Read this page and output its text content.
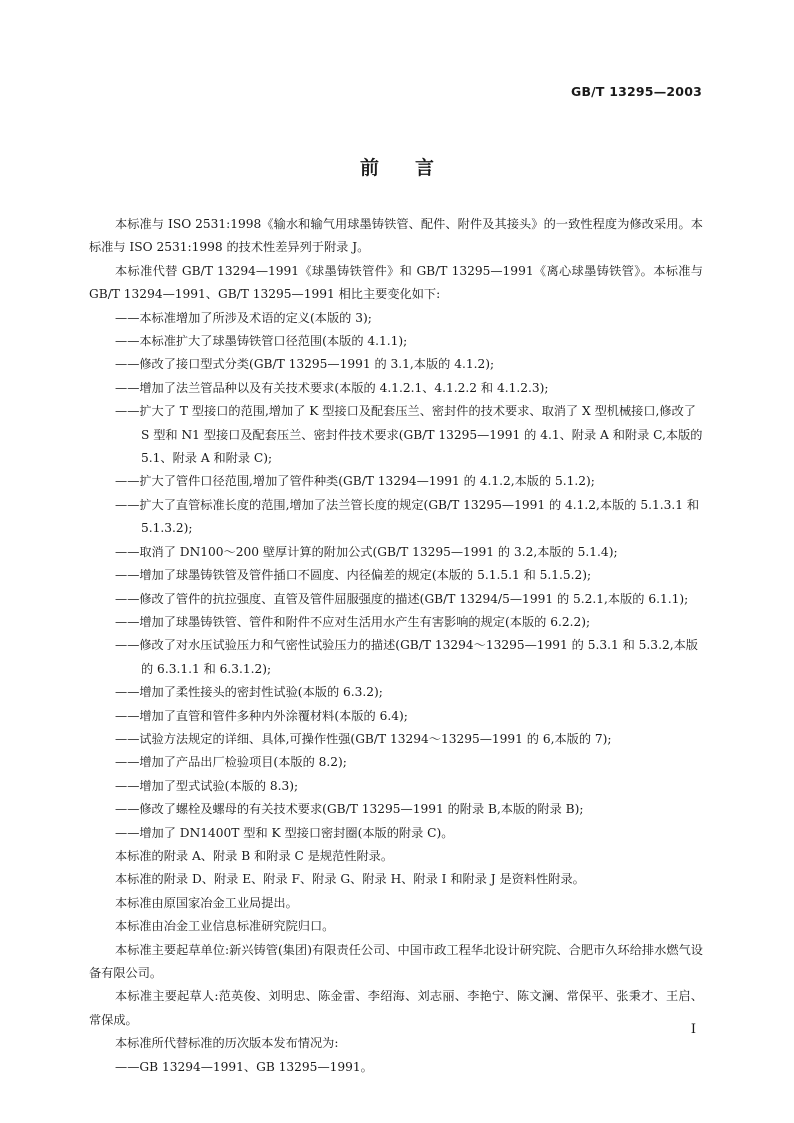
GB/T 13295—2003
前言

本标准与 ISO 2531:1998《输水和输气用球墨铸铁管、配件、附件及其接头》的一致性程度为修改采用。本标准与 ISO 2531:1998 的技术性差异列于附录 J。

本标准代替 GB/T 13294—1991《球墨铸铁管件》和 GB/T 13295—1991《离心球墨铸铁管》。本标准与 GB/T 13294—1991、GB/T 13295—1991 相比主要变化如下:

——本标准增加了所涉及术语的定义(本版的 3);

——本标准扩大了球墨铸铁管口径范围(本版的 4.1.1);

——修改了接口型式分类(GB/T 13295—1991 的 3.1,本版的 4.1.2);

——增加了法兰管品种以及有关技术要求(本版的 4.1.2.1、4.1.2.2 和 4.1.2.3);

——扩大了 T 型接口的范围,增加了 K 型接口及配套压兰、密封件的技术要求、取消了 X 型机械接口,修改了 S 型和 N1 型接口及配套压兰、密封件技术要求(GB/T 13295—1991 的 4.1、附录 A 和附录 C,本版的 5.1、附录 A 和附录 C);

——扩大了管件口径范围,增加了管件种类(GB/T 13294—1991 的 4.1.2,本版的 5.1.2);

——扩大了直管标准长度的范围,增加了法兰管长度的规定(GB/T 13295—1991 的 4.1.2,本版的 5.1.3.1 和5.1.3.2);

——取消了 DN100～200 壁厚计算的附加公式(GB/T 13295—1991 的 3.2,本版的 5.1.4);

——增加了球墨铸铁管及管件插口不圆度、内径偏差的规定(本版的 5.1.5.1 和 5.1.5.2);

——修改了管件的抗拉强度、直管及管件屈服强度的描述(GB/T 13294/5—1991 的 5.2.1,本版的 6.1.1);

——增加了球墨铸铁管、管件和附件不应对生活用水产生有害影响的规定(本版的 6.2.2);

——修改了对水压试验压力和气密性试验压力的描述(GB/T 13294～13295—1991 的 5.3.1 和 5.3.2,本版的 6.3.1.1 和 6.3.1.2);

——增加了柔性接头的密封性试验(本版的 6.3.2);

——增加了直管和管件多种内外涂覆材料(本版的 6.4);

——试验方法规定的详细、具体,可操作性强(GB/T 13294～13295—1991 的 6,本版的 7);

——增加了产品出厂检验项目(本版的 8.2);

——增加了型式试验(本版的 8.3);

——修改了螺栓及螺母的有关技术要求(GB/T 13295—1991 的附录 B,本版的附录 B);

——增加了 DN1400T 型和 K 型接口密封圈(本版的附录 C)。

本标准的附录 A、附录 B 和附录 C 是规范性附录。

本标准的附录 D、附录 E、附录 F、附录 G、附录 H、附录 I 和附录 J 是资料性附录。

本标准由原国家冶金工业局提出。

本标准由冶金工业信息标准研究院归口。

本标准主要起草单位:新兴铸管(集团)有限责任公司、中国市政工程华北设计研究院、合肥市久环给排水燃气设备有限公司。

本标准主要起草人:范英俊、刘明忠、陈金雷、李绍海、刘志丽、李艳宁、陈文澜、常保平、张秉才、王启、常保成。

本标准所代替标准的历次版本发布情况为:

——GB 13294—1991、GB 13295—1991。

I
